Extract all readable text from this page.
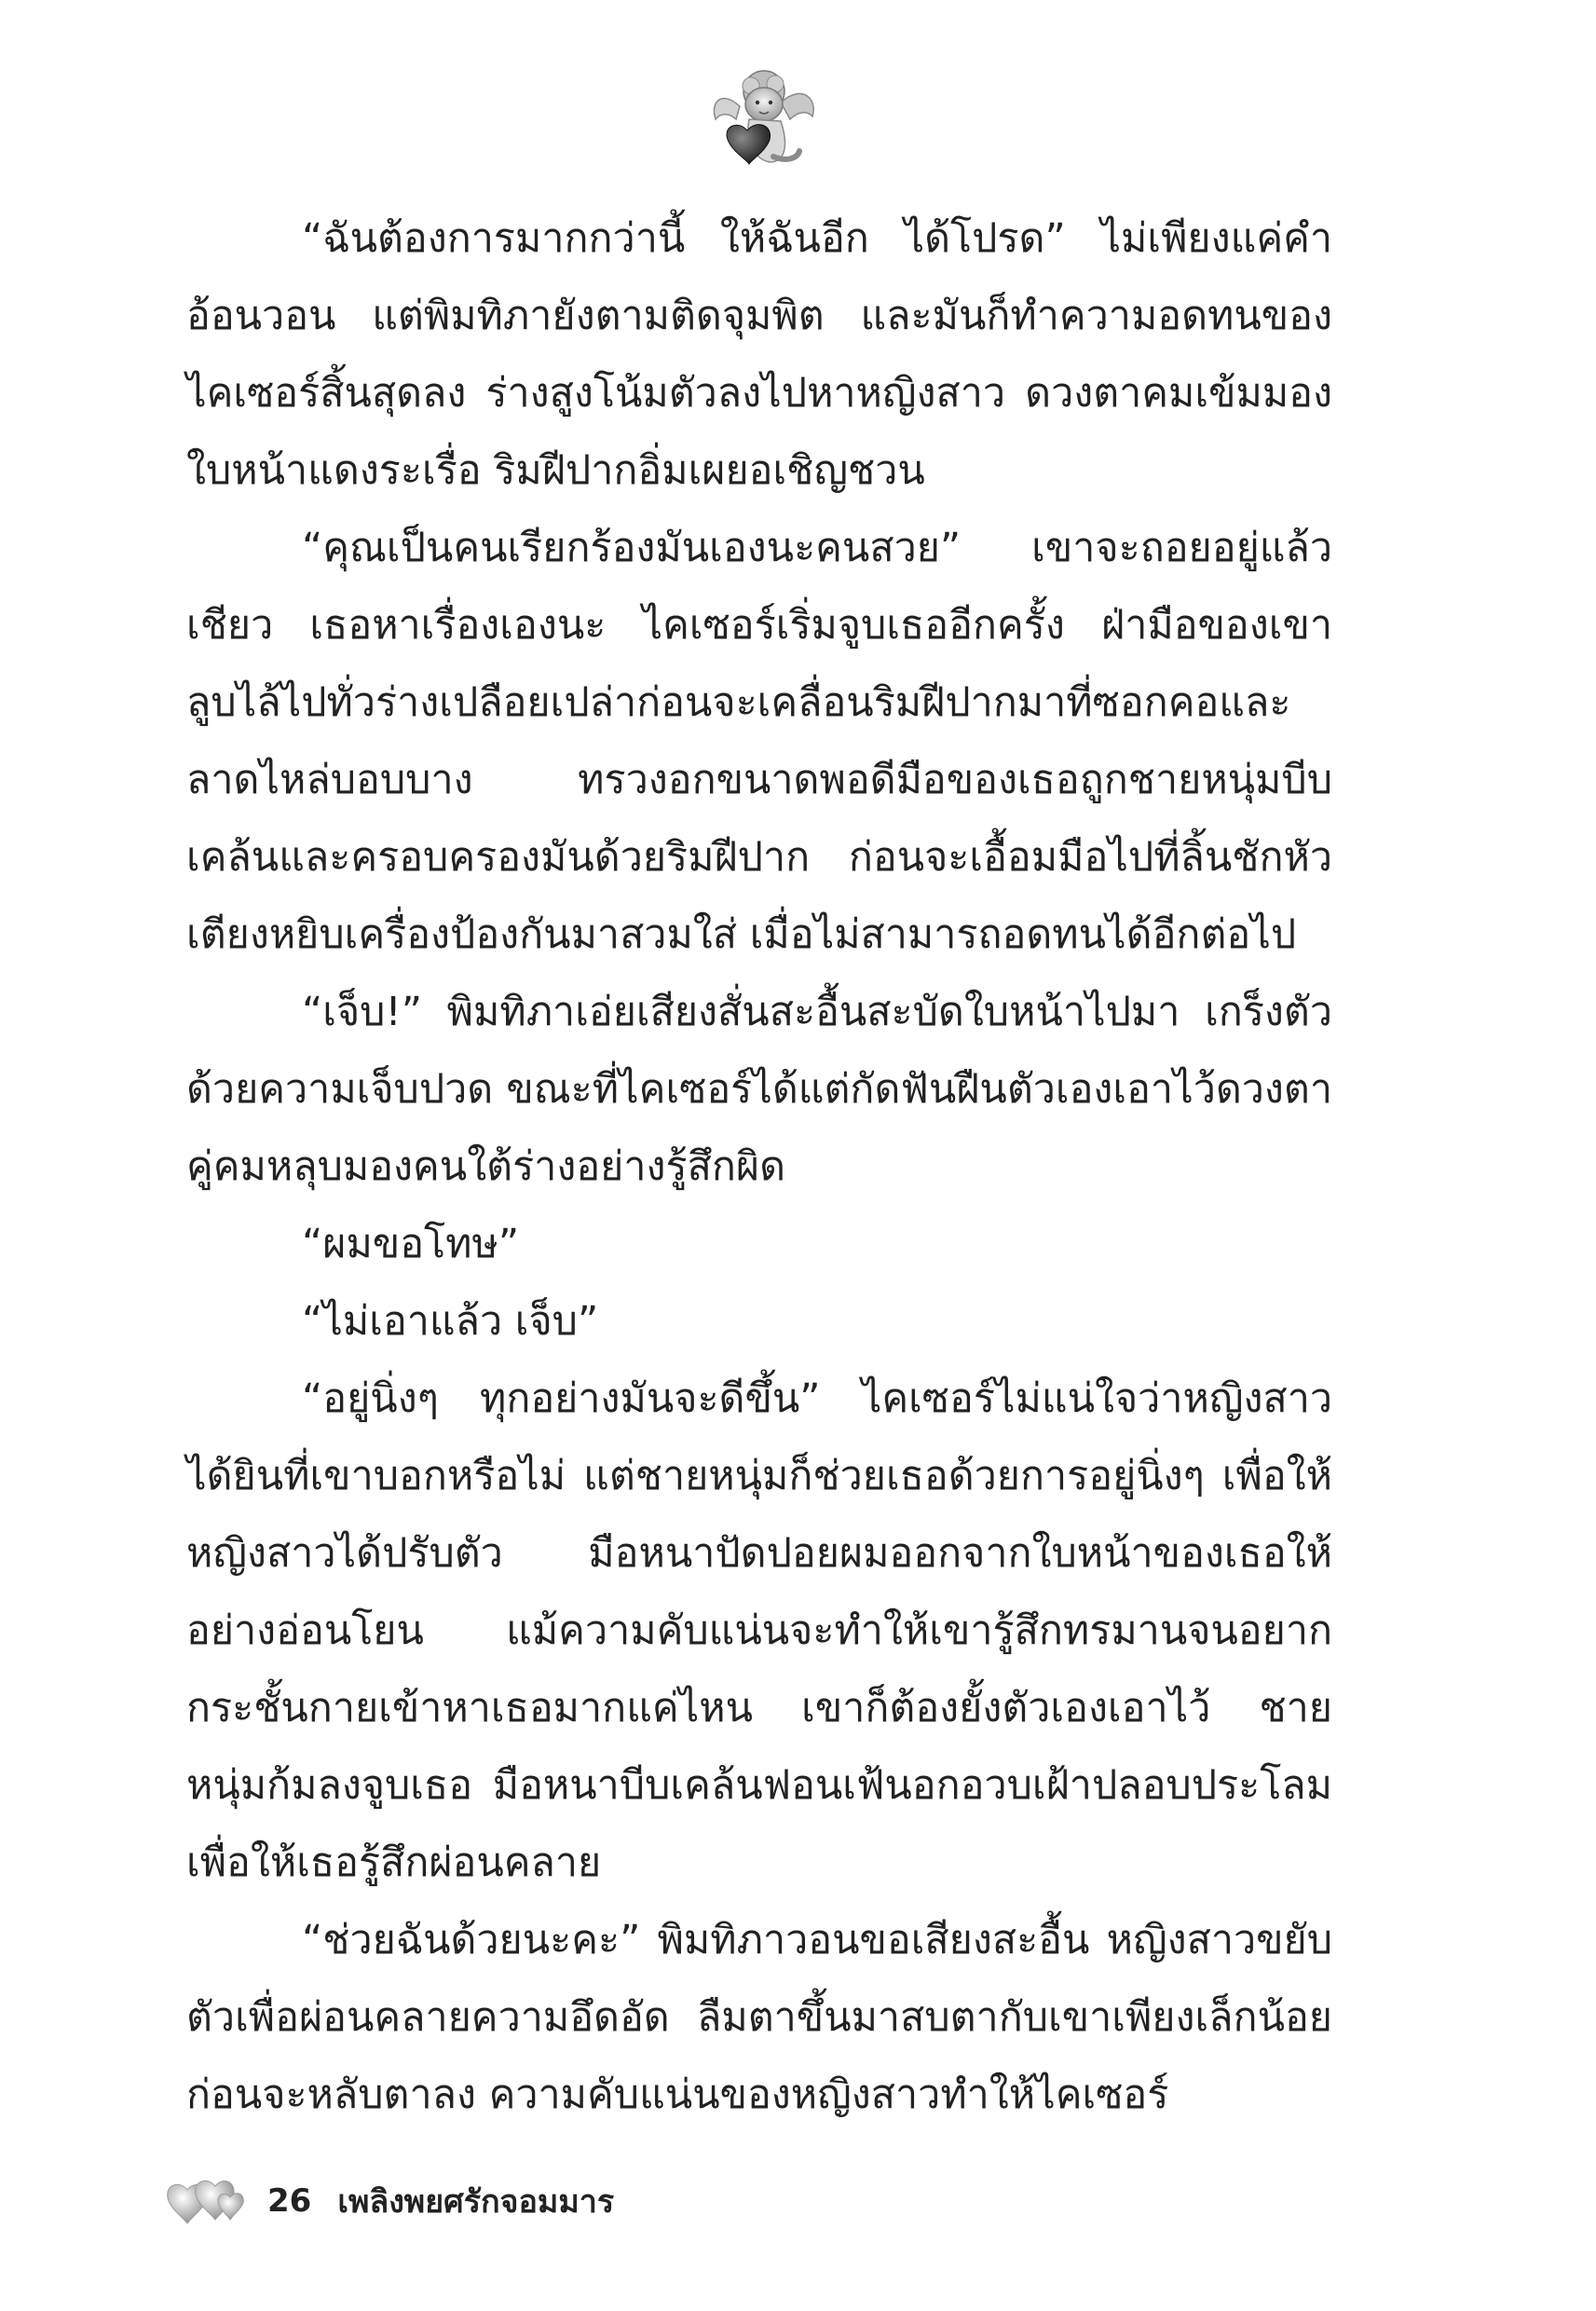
“ฉันต้องการมากกว่านี้ ให้ฉันอีก ได้โปรด” ไม่เพียงแค่คำอ้อนวอน แต่พิมทิภายังตามติดจุมพิต และมันก็ทำความอดทนของไคเซอร์สิ้นสุดลง ร่างสูงโน้มตัวลงไปหาหญิงสาว ดวงตาคมเข้มมองใบหน้าแดงระเรื่อ ริมฝีปากอิ่มเผยอเชิญชวน

“คุณเป็นคนเรียกร้องมันเองนะคนสวย” เขาจะถอยอยู่แล้วเชียว เธอหาเรื่องเองนะ ไคเซอร์เริ่มจูบเธออีกครั้ง ฝ่ามือของเขาลูบไล้ไปทั่วร่างเปลือยเปล่าก่อนจะเคลื่อนริมฝีปากมาที่ซอกคอและลาดไหล่บอบบาง ทรวงอกขนาดพอดีมือของเธอถูกชายหนุ่มบีบเคล้นและครอบครองมันด้วยริมฝีปาก ก่อนจะเอื้อมมือไปที่ลิ้นชักหัวเตียงหยิบเครื่องป้องกันมาสวมใส่ เมื่อไม่สามารถอดทนได้อีกต่อไป

“เจ็บ!” พิมทิภาเอ่ยเสียงสั่นสะอื้นสะบัดใบหน้าไปมา เกร็งตัวด้วยความเจ็บปวด ขณะที่ไคเซอร์ได้แต่กัดฟันฝืนตัวเองเอาไว้ดวงตาคู่คมหลุบมองคนใต้ร่างอย่างรู้สึกผิด

“ผมขอโทษ”

“ไม่เอาแล้ว เจ็บ”

“อยู่นิ่งๆ ทุกอย่างมันจะดีขึ้น” ไคเซอร์ไม่แน่ใจว่าหญิงสาวได้ยินที่เขาบอกหรือไม่ แต่ชายหนุ่มก็ช่วยเธอด้วยการอยู่นิ่งๆ เพื่อให้หญิงสาวได้ปรับตัว มือหนาปัดปอยผมออกจากใบหน้าของเธอให้อย่างอ่อนโยน แม้ความคับแน่นจะทำให้เขารู้สึกทรมานจนอยากกระชั้นกายเข้าหาเธอมากแค่ไหน เขาก็ต้องยั้งตัวเองเอาไว้ ชายหนุ่มก้มลงจูบเธอ มือหนาบีบเคล้นฟอนเฟ้นอกอวบเฝ้าปลอบประโลมเพื่อให้เธอรู้สึกผ่อนคลาย

“ช่วยฉันด้วยนะคะ” พิมทิภาวอนขอเสียงสะอื้น หญิงสาวขยับตัวเพื่อผ่อนคลายความอึดอัด ลืมตาขึ้นมาสบตากับเขาเพียงเล็กน้อย ก่อนจะหลับตาลง ความคับแน่นของหญิงสาวทำให้ไคเซอร์

26 เพลิงพยศรักจอมมาร
